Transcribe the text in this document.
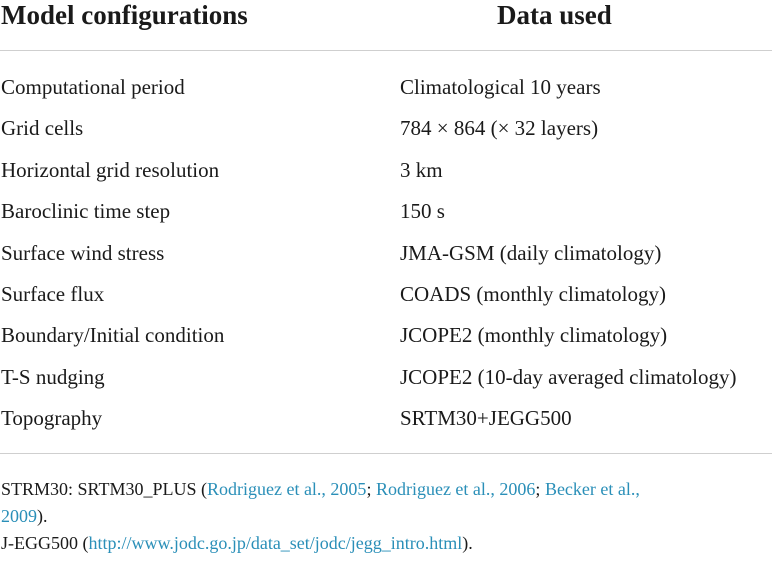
Model configurations	Data used
Computational period	Climatological 10 years
Grid cells	784 × 864 (× 32 layers)
Horizontal grid resolution	3 km
Baroclinic time step	150 s
Surface wind stress	JMA-GSM (daily climatology)
Surface flux	COADS (monthly climatology)
Boundary/Initial condition	JCOPE2 (monthly climatology)
T-S nudging	JCOPE2 (10-day averaged climatology)
Topography	SRTM30+JEGG500
STRM30: SRTM30_PLUS (Rodriguez et al., 2005; Rodriguez et al., 2006; Becker et al.,
2009).
J-EGG500 (http://www.jodc.go.jp/data_set/jodc/jegg_intro.html).
